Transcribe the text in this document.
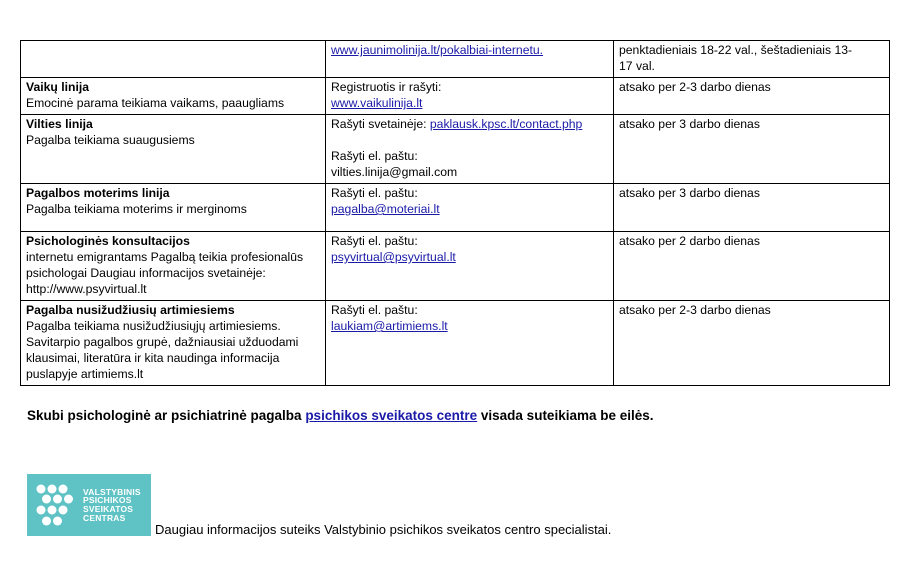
	www.jaunimolinija.lt/pokalbiai-internetu.	penktadieniais 18-22 val., šeštadieniais 13-
17 val.

Vaikų linija
Emocinė parama teikiama vaikams, paaugliams	Registruotis ir rašyti:
www.vaikulinija.lt	atsako per 2-3 darbo dienas

Vilties linija
Pagalba teikiama suaugusiems	Rašyti svetainėje: paklausk.kpsc.lt/contact.php
Rašyti el. paštu:
vilties.linija@gmail.com	atsako per 3 darbo dienas

Pagalbos moterims linija
Pagalba teikiama moterims ir merginoms	Rašyti el. paštu:
pagalba@moteriai.lt	atsako per 3 darbo dienas

Psichologinės konsultacijos
internetu emigrantams Pagalbą teikia profesionalūs
psichologai Daugiau informacijos svetainėje:
http://www.psyvirtual.lt	Rašyti el. paštu:
psyvirtual@psyvirtual.lt	atsako per 2 darbo dienas

Pagalba nusižudžiusių artimiesiems
Pagalba teikiama nusižudžiusiųjų artimiesiems.
Savitarpio pagalbos grupė, dažniausiai užduodami
klausimai, literatūra ir kita naudinga informacija
puslapyje artimiems.lt	Rašyti el. paštu:
laukiam@artimiems.lt	atsako per 2-3 darbo dienas
Skubi psichologinė ar psichiatrinė pagalba psichikos sveikatos centre visada suteikiama be eilės.
VALSTYBINIS
PSICHIKOS
SVEIKATOS
CENTRAS
Daugiau informacijos suteiks Valstybinio psichikos sveikatos centro specialistai.
